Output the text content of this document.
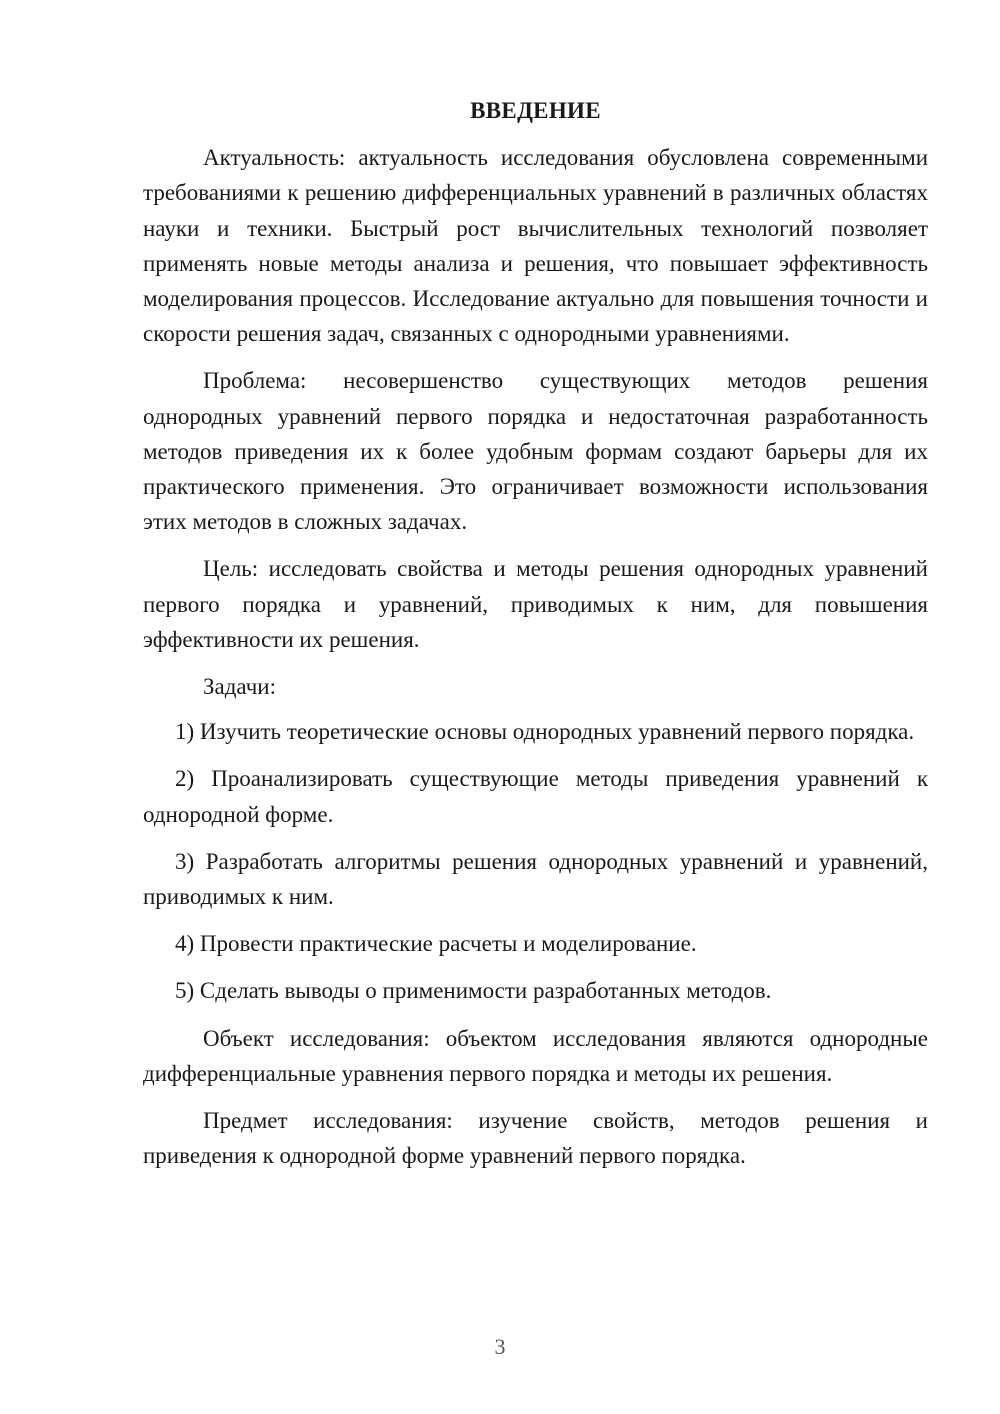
ВВЕДЕНИЕ

Актуальность: актуальность исследования обусловлена современными требованиями к решению дифференциальных уравнений в различных областях науки и техники. Быстрый рост вычислительных технологий позволяет применять новые методы анализа и решения, что повышает эффективность моделирования процессов. Исследование актуально для повышения точности и скорости решения задач, связанных с однородными уравнениями.

Проблема: несовершенство существующих методов решения однородных уравнений первого порядка и недостаточная разработанность методов приведения их к более удобным формам создают барьеры для их практического применения. Это ограничивает возможности использования этих методов в сложных задачах.

Цель: исследовать свойства и методы решения однородных уравнений первого порядка и уравнений, приводимых к ним, для повышения эффективности их решения.

Задачи:

1) Изучить теоретические основы однородных уравнений первого порядка.

2) Проанализировать существующие методы приведения уравнений к однородной форме.

3) Разработать алгоритмы решения однородных уравнений и уравнений, приводимых к ним.

4) Провести практические расчеты и моделирование.

5) Сделать выводы о применимости разработанных методов.

Объект исследования: объектом исследования являются однородные дифференциальные уравнения первого порядка и методы их решения.

Предмет исследования: изучение свойств, методов решения и приведения к однородной форме уравнений первого порядка.

3
